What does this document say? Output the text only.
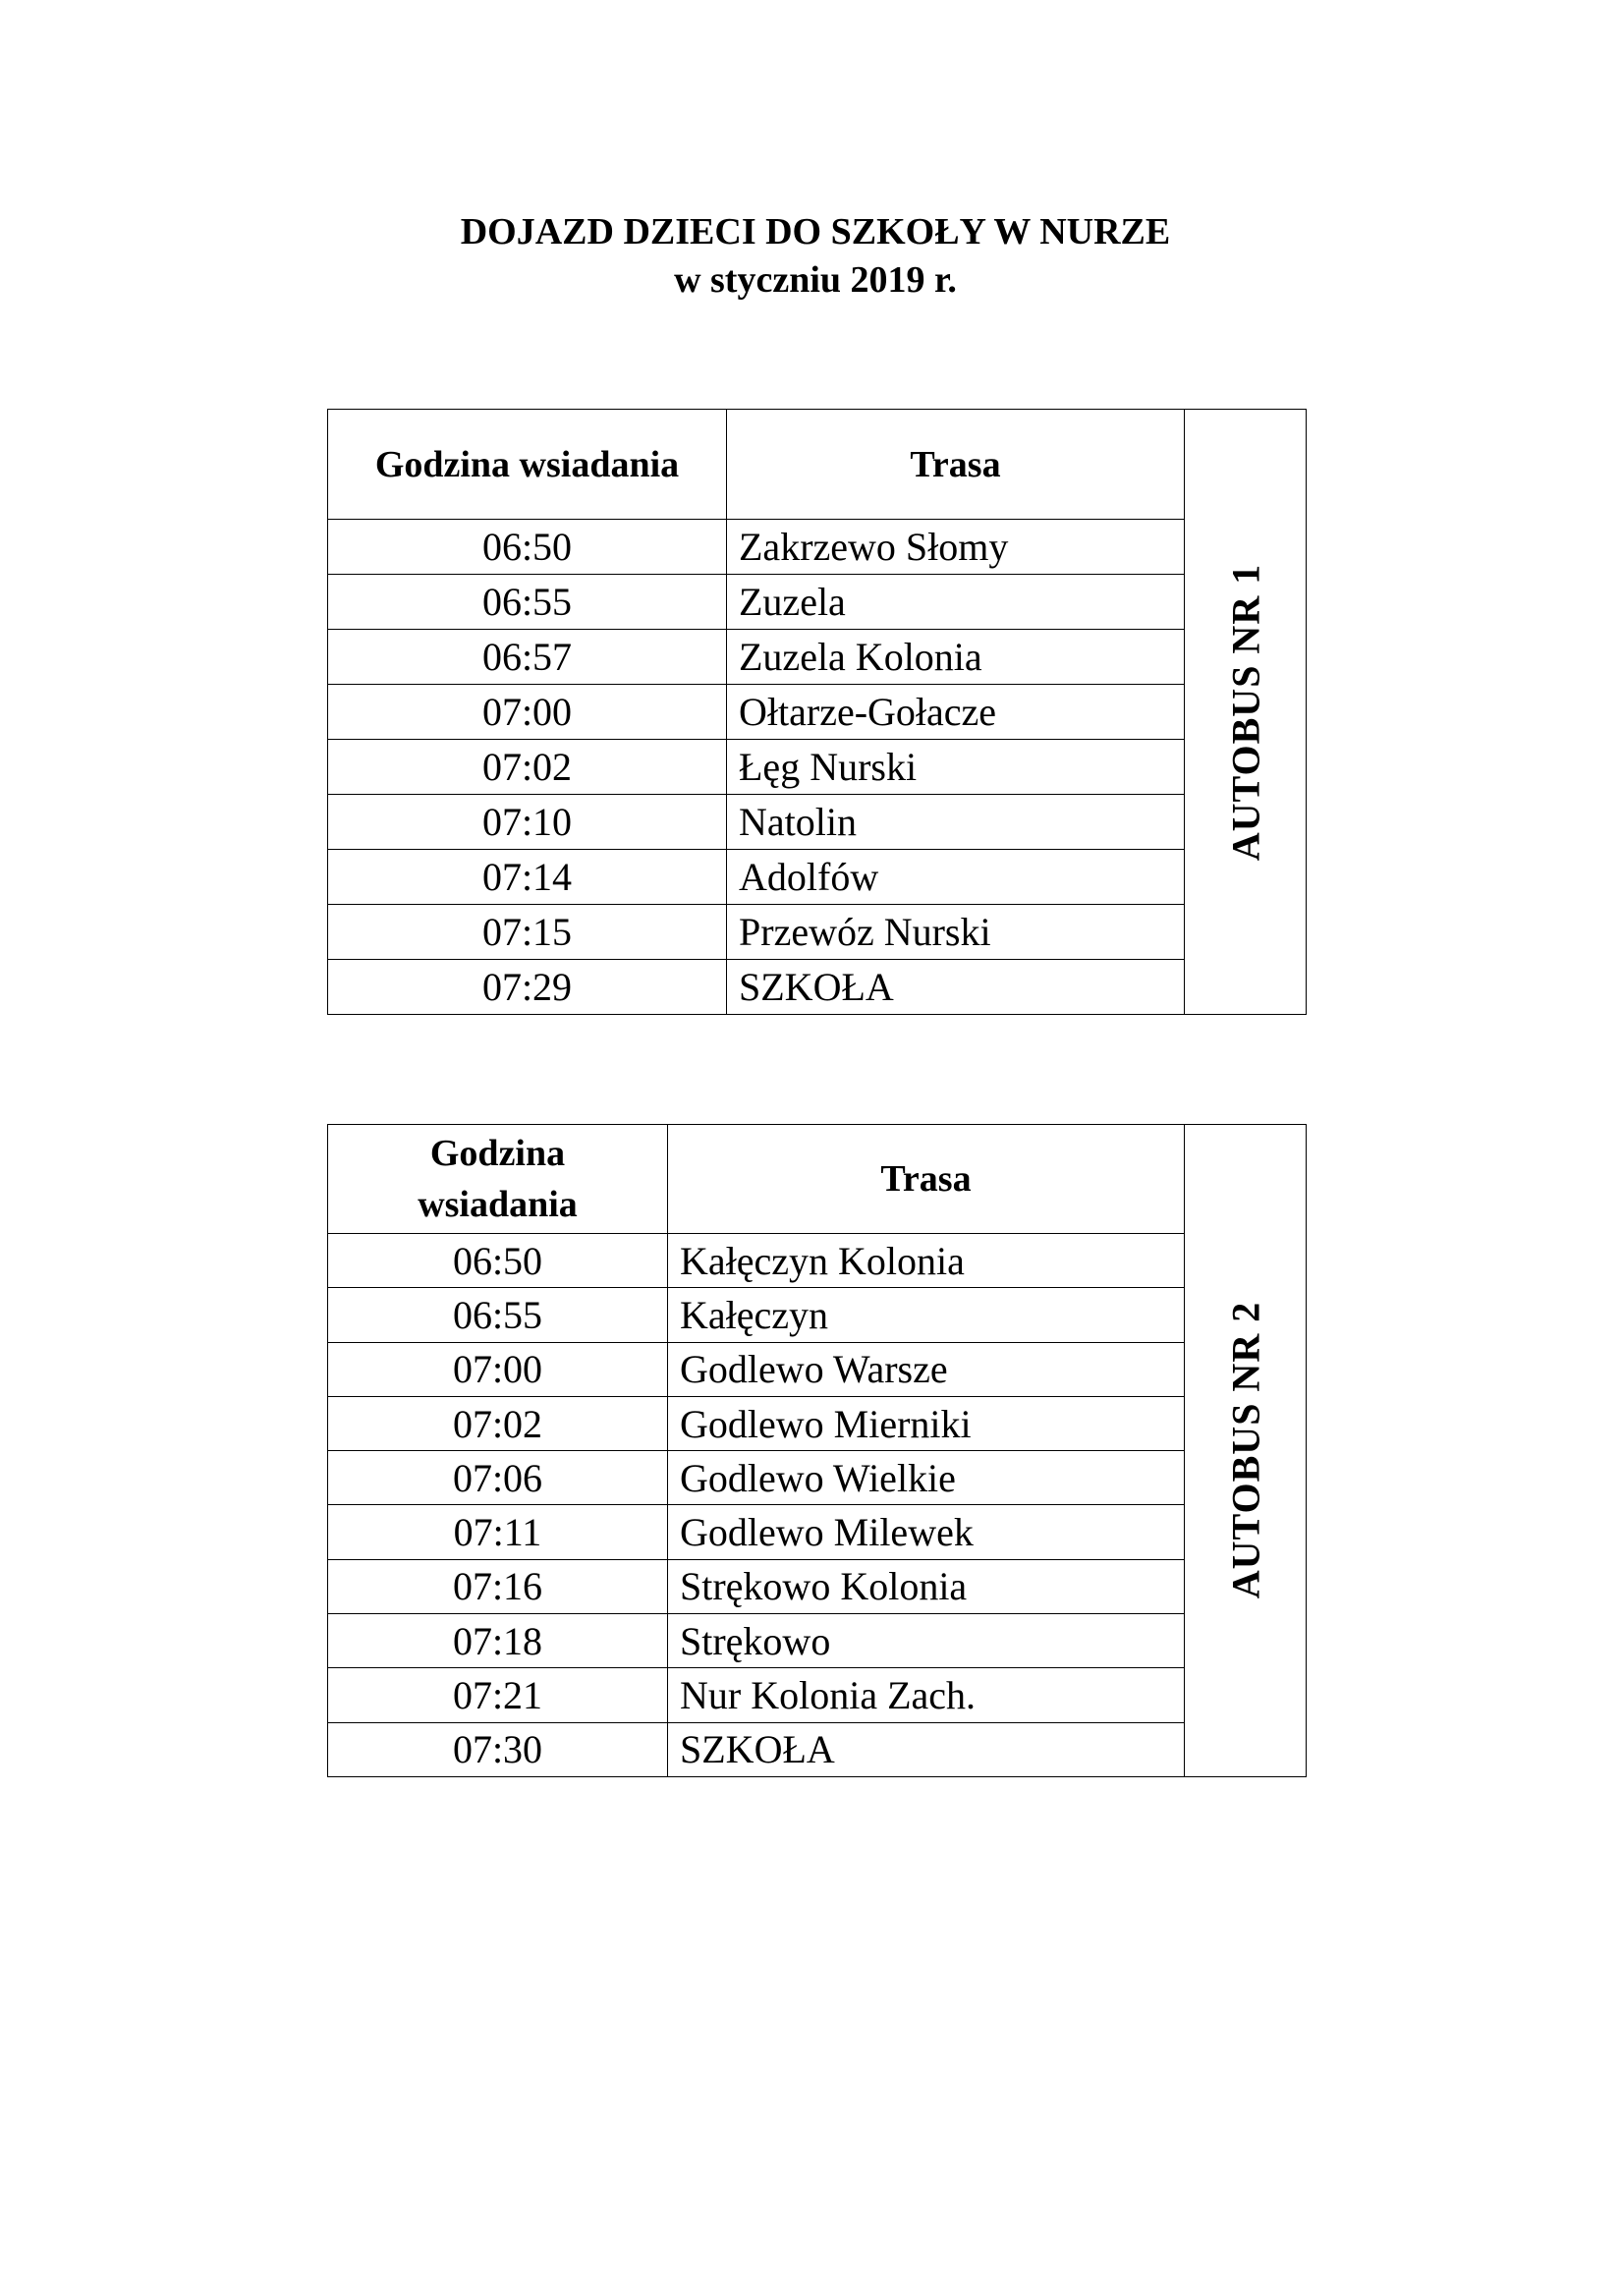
DOJAZD DZIECI DO SZKOŁY W NURZE
w styczniu 2019 r.
Godzina wsiadania	Trasa	AUTOBUS NR 1

06:50	Zakrzewo Słomy	
06:55	Zuzela	
06:57	Zuzela Kolonia	
07:00	Ołtarze-Gołacze	
07:02	Łęg Nurski	
07:10	Natolin	
07:14	Adolfów	
07:15	Przewóz Nurski	
07:29	SZKOŁA	
Godzina
wsiadania	Trasa	AUTOBUS NR 2

06:50	Kałęczyn Kolonia	
06:55	Kałęczyn	
07:00	Godlewo Warsze	
07:02	Godlewo Mierniki	
07:06	Godlewo Wielkie	
07:11	Godlewo Milewek	
07:16	Strękowo Kolonia	
07:18	Strękowo	
07:21	Nur Kolonia Zach.	
07:30	SZKOŁA	
